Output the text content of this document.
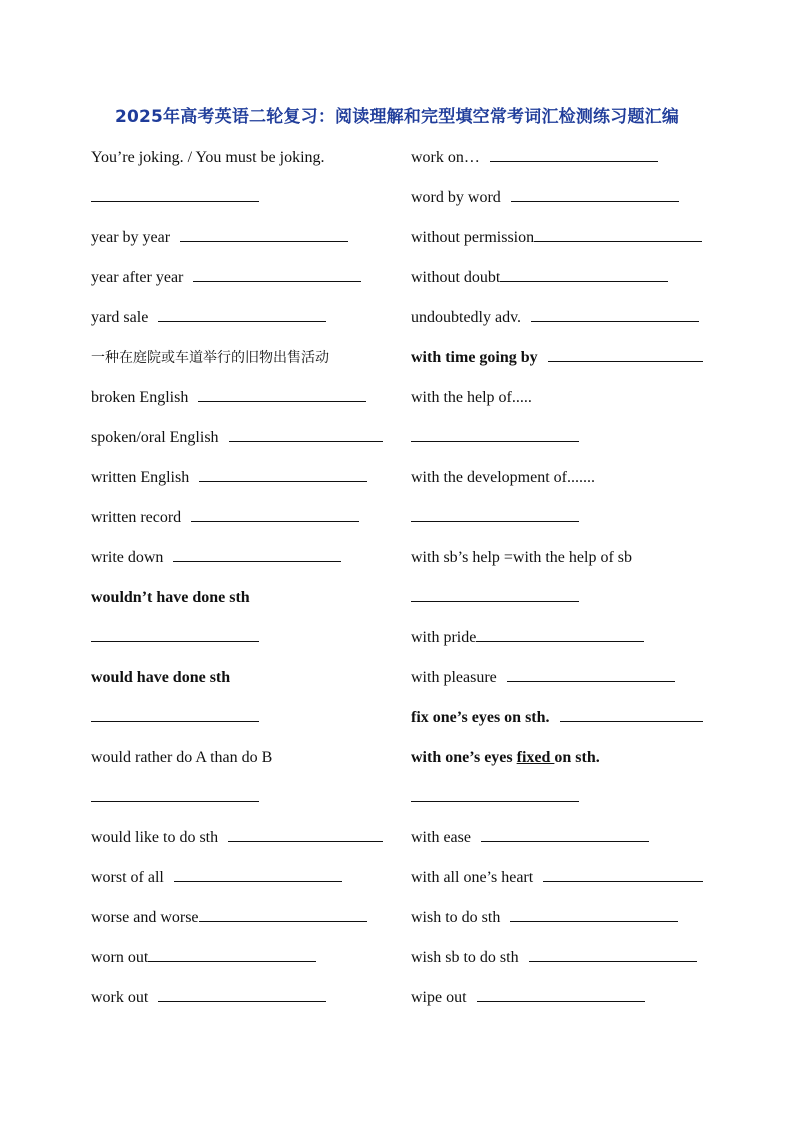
2025年高考英语二轮复习：阅读理解和完型填空常考词汇检测练习题汇编
You’re joking. / You must be joking.
year by year
year after year
yard sale
一种在庭院或车道举行的旧物出售活动
broken English
spoken/oral English
written English
written record
write down
wouldn’t have done sth
would have done sth
would rather do A than do B
would like to do sth
worst of all
worse and worse
worn out
work out
work on…
word by word
without permission
without doubt
undoubtedly adv.
with time going by
with the help of.....
with the development of.......
with sb’s help =with the help of sb
with pride
with pleasure
fix one’s eyes on sth.
with one’s eyes fixed on sth.
with ease
with all one’s heart
wish to do sth
wish sb to do sth
wipe out
